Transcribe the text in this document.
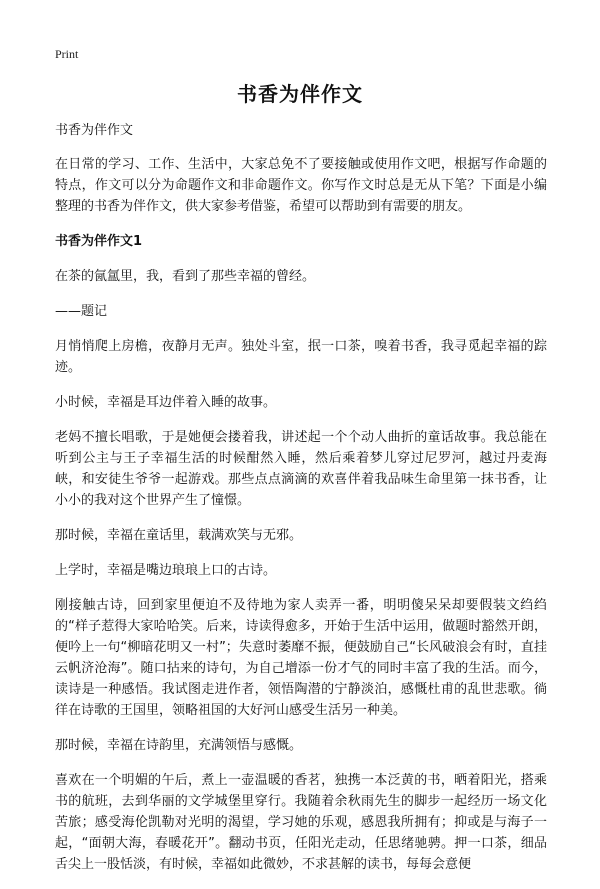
Print
书香为伴作文

书香为伴作文

在日常的学习、工作、生活中，大家总免不了要接触或使用作文吧，根据写作命题的特点，作文可以分为命题作文和非命题作文。你写作文时总是无从下笔？下面是小编整理的书香为伴作文，供大家参考借鉴，希望可以帮助到有需要的朋友。

书香为伴作文1

在茶的氤氲里，我，看到了那些幸福的曾经。

——题记

月悄悄爬上房檐，夜静月无声。独处斗室，抿一口茶，嗅着书香，我寻觅起幸福的踪迹。

小时候，幸福是耳边伴着入睡的故事。

老妈不擅长唱歌，于是她便会搂着我，讲述起一个个动人曲折的童话故事。我总能在听到公主与王子幸福生活的时候酣然入睡，然后乘着梦儿穿过尼罗河，越过丹麦海峡，和安徒生爷爷一起游戏。那些点点滴滴的欢喜伴着我品味生命里第一抹书香，让小小的我对这个世界产生了憧憬。

那时候，幸福在童话里，载满欢笑与无邪。

上学时，幸福是嘴边琅琅上口的古诗。

刚接触古诗，回到家里便迫不及待地为家人卖弄一番，明明傻呆呆却要假装文绉绉的“样子惹得大家哈哈笑。后来，诗读得愈多，开始于生活中运用，做题时豁然开朗，便吟上一句“柳暗花明又一村”；失意时萎靡不振，便鼓励自己“长风破浪会有时，直挂云帆济沧海”。随口拈来的诗句，为自己增添一份才气的同时丰富了我的生活。而今，读诗是一种感悟。我试图走进作者，领悟陶潜的宁静淡泊，感慨杜甫的乱世悲歌。徜徉在诗歌的王国里，领略祖国的大好河山感受生活另一种美。

那时候，幸福在诗韵里，充满领悟与感慨。

喜欢在一个明媚的午后，煮上一壶温暖的香茗，独携一本泛黄的书，晒着阳光，搭乘书的航班，去到华丽的文学城堡里穿行。我随着余秋雨先生的脚步一起经历一场文化苦旅；感受海伦凯勒对光明的渴望，学习她的乐观，感恩我所拥有；抑或是与海子一起，“面朝大海，春暖花开”。翻动书页，任阳光走动，任思绪驰骋。押一口茶，细品舌尖上一股恬淡，有时候，幸福如此微妙，不求甚解的读书，每每会意便
